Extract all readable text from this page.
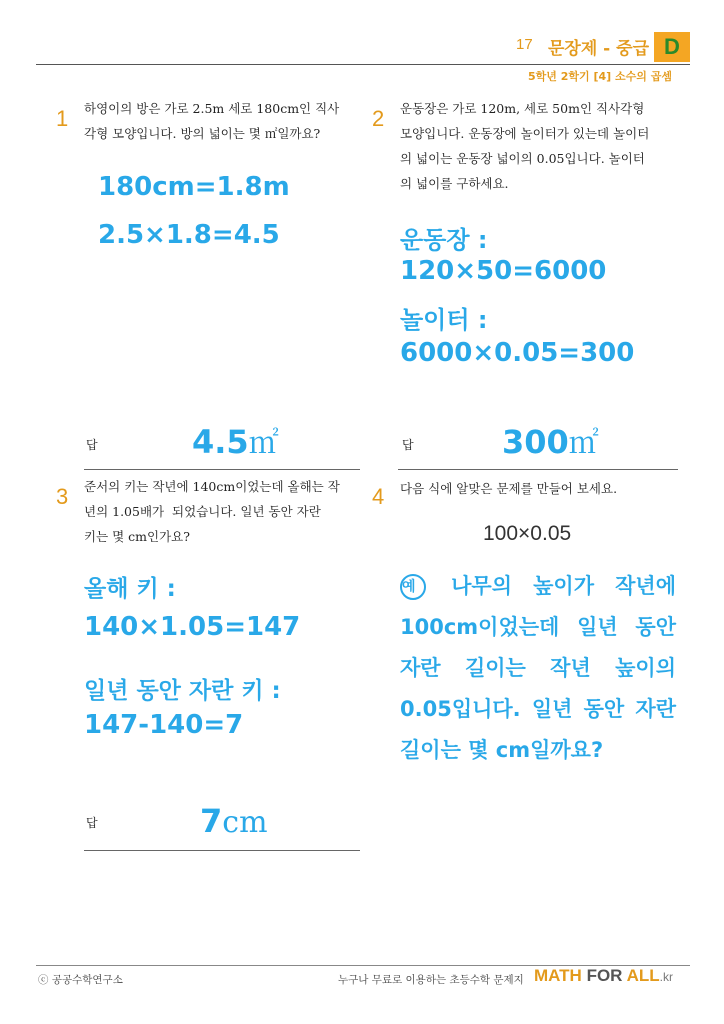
17 문장제 - 중급 D
5학년 2학기 [4] 소수의 곱셈
1 하영이의 방은 가로 2.5m 세로 180cm인 직사
각형 모양입니다. 방의 넓이는 몇 ㎡일까요?
180cm=1.8m
2.5×1.8=4.5
답	4.5㎡
2 운동장은 가로 120m, 세로 50m인 직사각형
모양입니다. 운동장에 놀이터가 있는데 놀이터
의 넓이는 운동장 넓이의 0.05입니다. 놀이터
의 넓이를 구하세요.
운동장 :
120×50=6000
놀이터 :
6000×0.05=300
답	300㎡
3 준서의 키는 작년에 140cm이었는데 올해는 작
년의 1.05배가  되었습니다. 일년 동안 자란
키는 몇 cm인가요?
올해 키 :
140×1.05=147
일년 동안 자란 키 :
147-140=7
답	7cm
4 다음 식에 알맞은 문제를 만들어 보세요.
100×0.05
예 나무의 높이가 작년에
100cm이었는데 일년 동안
자란 길이는 작년 높이의
0.05입니다. 일년 동안 자란
길이는 몇 cm일까요?
ⓒ 공공수학연구소	누구나 무료로 이용하는 초등수학 문제지 MATH FOR ALL.kr
